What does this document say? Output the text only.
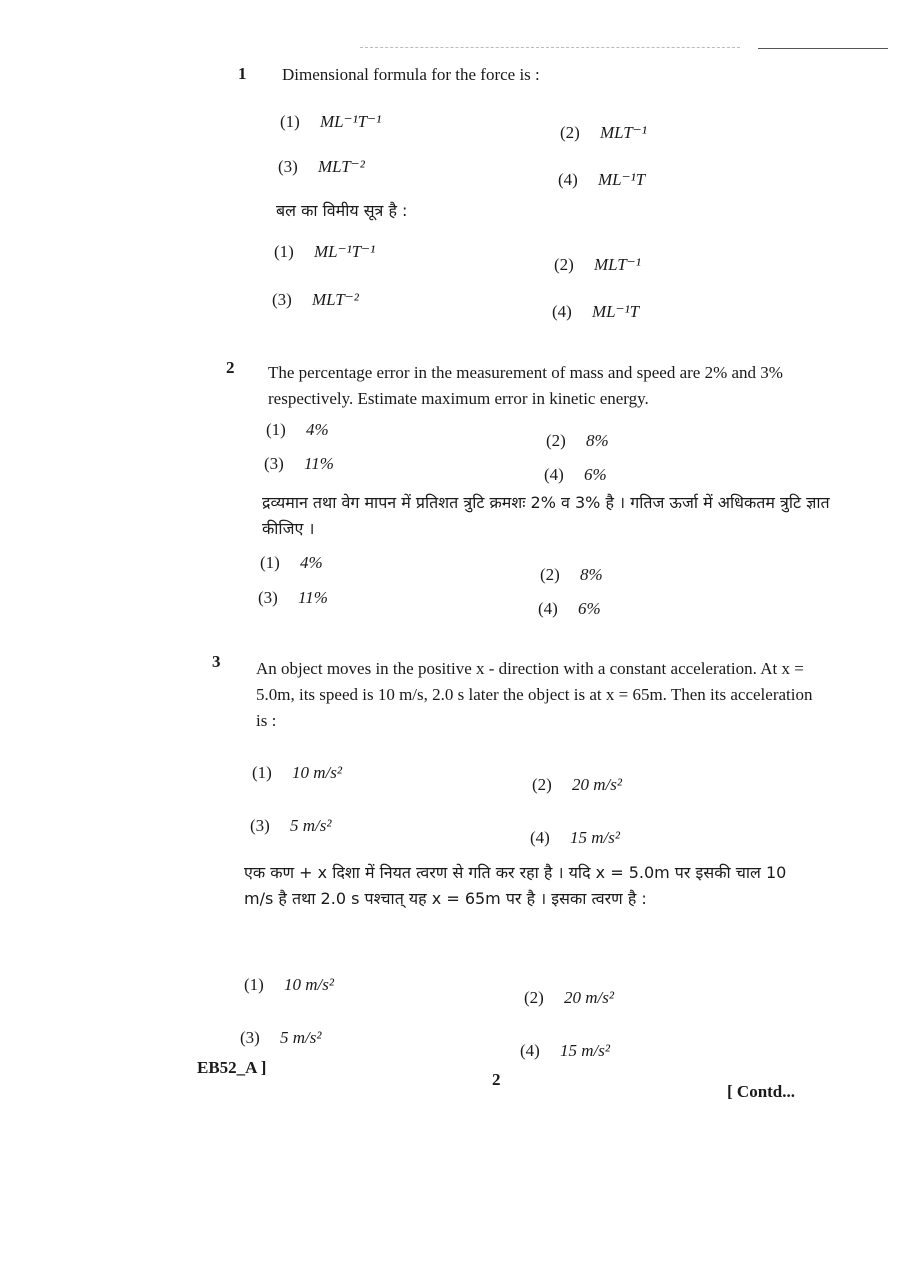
1 Dimensional formula for the force is :
(1) ML⁻¹T⁻¹
(2) MLT⁻¹
(3) MLT⁻²
(4) ML⁻¹T
बल का विमीय सूत्र है :
(1) ML⁻¹T⁻¹
(2) MLT⁻¹
(3) MLT⁻²
(4) ML⁻¹T
2 The percentage error in the measurement of mass and speed are 2% and 3% respectively. Estimate maximum error in kinetic energy.
(1) 4%
(2) 8%
(3) 11%
(4) 6%
द्रव्यमान तथा वेग मापन में प्रतिशत त्रुटि क्रमशः 2% व 3% है । गतिज ऊर्जा में अधिकतम त्रुटि ज्ञात कीजिए ।
(1) 4%
(2) 8%
(3) 11%
(4) 6%
3 An object moves in the positive x - direction with a constant acceleration. At x = 5.0m, its speed is 10 m/s, 2.0 s later the object is at x = 65m. Then its acceleration is :
(1) 10 m/s²
(2) 20 m/s²
(3) 5 m/s²
(4) 15 m/s²
एक कण + x दिशा में नियत त्वरण से गति कर रहा है । यदि x = 5.0m पर इसकी चाल 10 m/s है तथा 2.0 s पश्चात् यह x = 65m पर है । इसका त्वरण है :
(1) 10 m/s²
(2) 20 m/s²
(3) 5 m/s²
(4) 15 m/s²
EB52_A ]
2
[ Contd...
